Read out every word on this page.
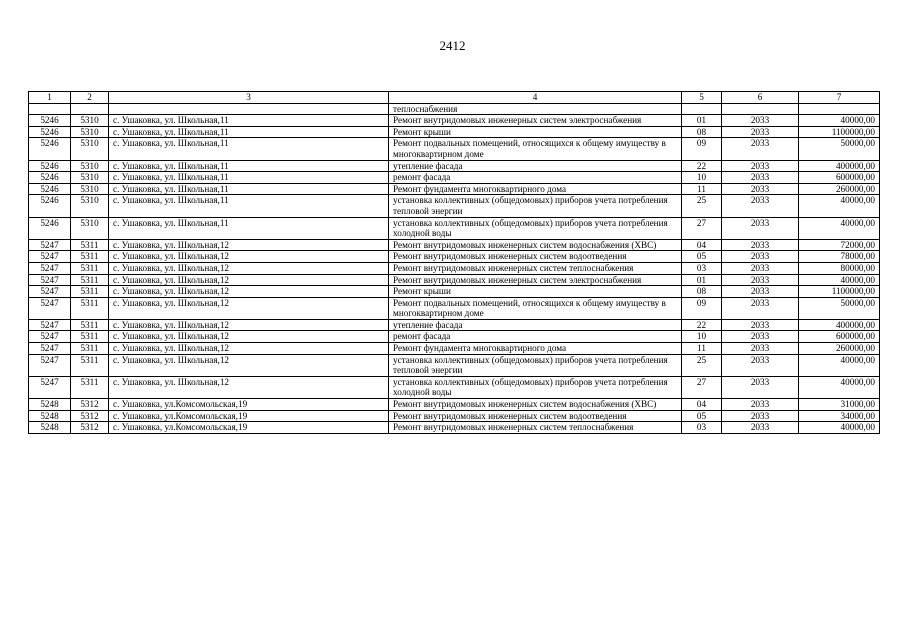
2412
1	2	3	4	5	6	7
			теплоснабжения			
5246	5310	с. Ушаковка, ул. Школьная,11	Ремонт внутридомовых инженерных систем электроснабжения	01	2033	40000,00
5246	5310	с. Ушаковка, ул. Школьная,11	Ремонт крыши	08	2033	1100000,00
5246	5310	с. Ушаковка, ул. Школьная,11	Ремонт подвальных помещений, относящихся к общему имуществу в многоквартирном доме	09	2033	50000,00
5246	5310	с. Ушаковка, ул. Школьная,11	утепление фасада	22	2033	400000,00
5246	5310	с. Ушаковка, ул. Школьная,11	ремонт фасада	10	2033	600000,00
5246	5310	с. Ушаковка, ул. Школьная,11	Ремонт фундамента многоквартирного дома	11	2033	260000,00
5246	5310	с. Ушаковка, ул. Школьная,11	установка коллективных (общедомовых) приборов учета потребления тепловой энергии	25	2033	40000,00
5246	5310	с. Ушаковка, ул. Школьная,11	установка коллективных (общедомовых) приборов учета потребления холодной воды	27	2033	40000,00
5247	5311	с. Ушаковка, ул. Школьная,12	Ремонт внутридомовых инженерных систем водоснабжения (ХВС)	04	2033	72000,00
5247	5311	с. Ушаковка, ул. Школьная,12	Ремонт внутридомовых инженерных систем водоотведения	05	2033	78000,00
5247	5311	с. Ушаковка, ул. Школьная,12	Ремонт внутридомовых инженерных систем теплоснабжения	03	2033	80000,00
5247	5311	с. Ушаковка, ул. Школьная,12	Ремонт внутридомовых инженерных систем электроснабжения	01	2033	40000,00
5247	5311	с. Ушаковка, ул. Школьная,12	Ремонт крыши	08	2033	1100000,00
5247	5311	с. Ушаковка, ул. Школьная,12	Ремонт подвальных помещений, относящихся к общему имуществу в многоквартирном доме	09	2033	50000,00
5247	5311	с. Ушаковка, ул. Школьная,12	утепление фасада	22	2033	400000,00
5247	5311	с. Ушаковка, ул. Школьная,12	ремонт фасада	10	2033	600000,00
5247	5311	с. Ушаковка, ул. Школьная,12	Ремонт фундамента многоквартирного дома	11	2033	260000,00
5247	5311	с. Ушаковка, ул. Школьная,12	установка коллективных (общедомовых) приборов учета потребления тепловой энергии	25	2033	40000,00
5247	5311	с. Ушаковка, ул. Школьная,12	установка коллективных (общедомовых) приборов учета потребления холодной воды	27	2033	40000,00
5248	5312	с. Ушаковка, ул.Комсомольская,19	Ремонт внутридомовых инженерных систем водоснабжения (ХВС)	04	2033	31000,00
5248	5312	с. Ушаковка, ул.Комсомольская,19	Ремонт внутридомовых инженерных систем водоотведения	05	2033	34000,00
5248	5312	с. Ушаковка, ул.Комсомольская,19	Ремонт внутридомовых инженерных систем теплоснабжения	03	2033	40000,00
